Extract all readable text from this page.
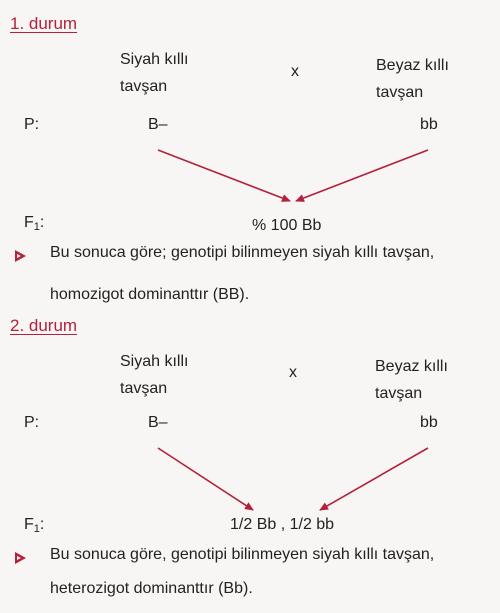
1. durum
Siyah kıllı
tavşan
x	Beyaz kıllı
tavşan
P:	B–	bb
$F_1$:	% 100 Bb
Bu sonuca göre; genotipi bilinmeyen siyah kıllı tavşan,
homozigot dominanttır (BB).
2. durum
Siyah kıllı
tavşan
x	Beyaz kıllı
tavşan
P:	B–	bb
$F_1$:	1/2 Bb , 1/2 bb
Bu sonuca göre, genotipi bilinmeyen siyah kıllı tavşan,
heterozigot dominanttır (Bb).
